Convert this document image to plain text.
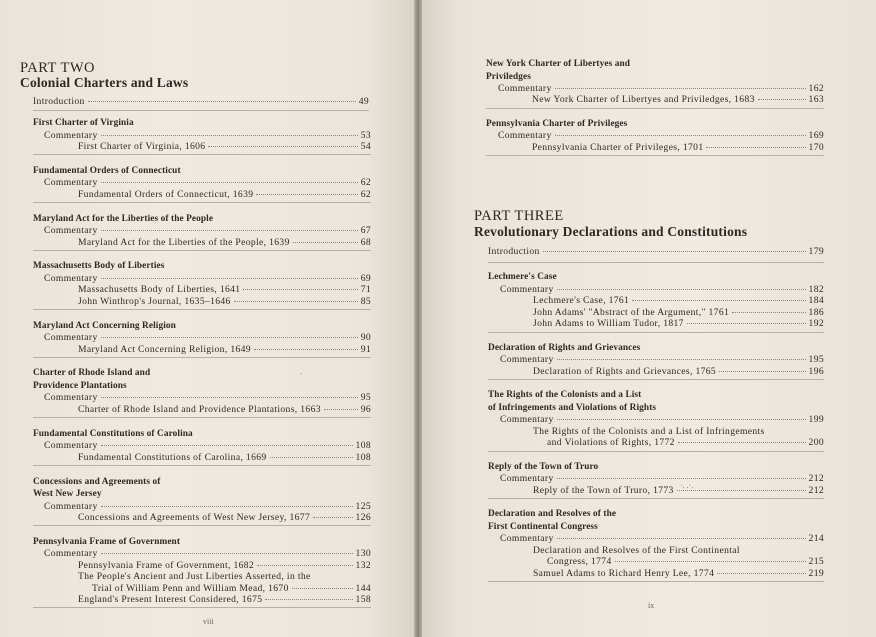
PART TWO
Colonial Charters and Laws
Introduction	49
First Charter of Virginia
Commentary	53
First Charter of Virginia, 1606	54
Fundamental Orders of Connecticut
Commentary	62
Fundamental Orders of Connecticut, 1639	62
Maryland Act for the Liberties of the People
Commentary	67
Maryland Act for the Liberties of the People, 1639	68
Massachusetts Body of Liberties
Commentary	69
Massachusetts Body of Liberties, 1641	71
John Winthrop's Journal, 1635–1646	85
Maryland Act Concerning Religion
Commentary	90
Maryland Act Concerning Religion, 1649	91
Charter of Rhode Island and
Providence Plantations
Commentary	95
Charter of Rhode Island and Providence Plantations, 1663	96
Fundamental Constitutions of Carolina
Commentary	108
Fundamental Constitutions of Carolina, 1669	108
Concessions and Agreements of
West New Jersey
Commentary	125
Concessions and Agreements of West New Jersey, 1677	126
Pennsylvania Frame of Government
Commentary	130
Pennsylvania Frame of Government, 1682	132
The People's Ancient and Just Liberties Asserted, in the
Trial of William Penn and William Mead, 1670	144
England's Present Interest Considered, 1675	158
viii
ˋ
New York Charter of Libertyes and
Priviledges
Commentary	162
New York Charter of Libertyes and Priviledges, 1683	163
Pennsylvania Charter of Privileges
Commentary	169
Pennsylvania Charter of Privileges, 1701	170
PART THREE
Revolutionary Declarations and Constitutions
Introduction	179
Lechmere's Case
Commentary	182
Lechmere's Case, 1761	184
John Adams' "Abstract of the Argument," 1761	186
John Adams to William Tudor, 1817	192
Declaration of Rights and Grievances
Commentary	195
Declaration of Rights and Grievances, 1765	196
The Rights of the Colonists and a List
of Infringements and Violations of Rights
Commentary	199
The Rights of the Colonists and a List of Infringements
and Violations of Rights, 1772	200
Reply of the Town of Truro
Commentary	212
Reply of the Town of Truro, 1773	212
Declaration and Resolves of the
First Continental Congress
Commentary	214
Declaration and Resolves of the First Continental
Congress, 1774	215
Samuel Adams to Richard Henry Lee, 1774	219
ix
ˈ· ·ˈ·
